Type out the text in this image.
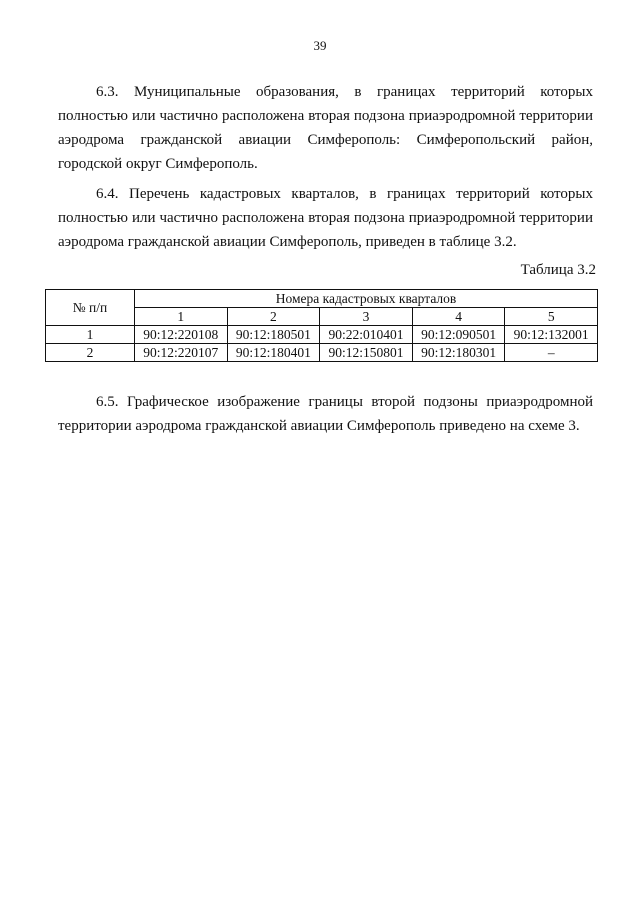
39

6.3. Муниципальные образования, в границах территорий которых полностью или частично расположена вторая подзона приаэродромной территории аэродрома гражданской авиации Симферополь: Симферопольский район, городской округ Симферополь.

6.4. Перечень кадастровых кварталов, в границах территорий которых полностью или частично расположена вторая подзона приаэродромной территории аэродрома гражданской авиации Симферополь, приведен в таблице 3.2.

Таблица 3.2
№ п/п	Номера кадастровых кварталов				
	1	2	3	4	5
1	90:12:220108	90:12:180501	90:22:010401	90:12:090501	90:12:132001
2	90:12:220107	90:12:180401	90:12:150801	90:12:180301	–

6.5. Графическое изображение границы второй подзоны приаэродромной территории аэродрома гражданской авиации Симферополь приведено на схеме 3.
